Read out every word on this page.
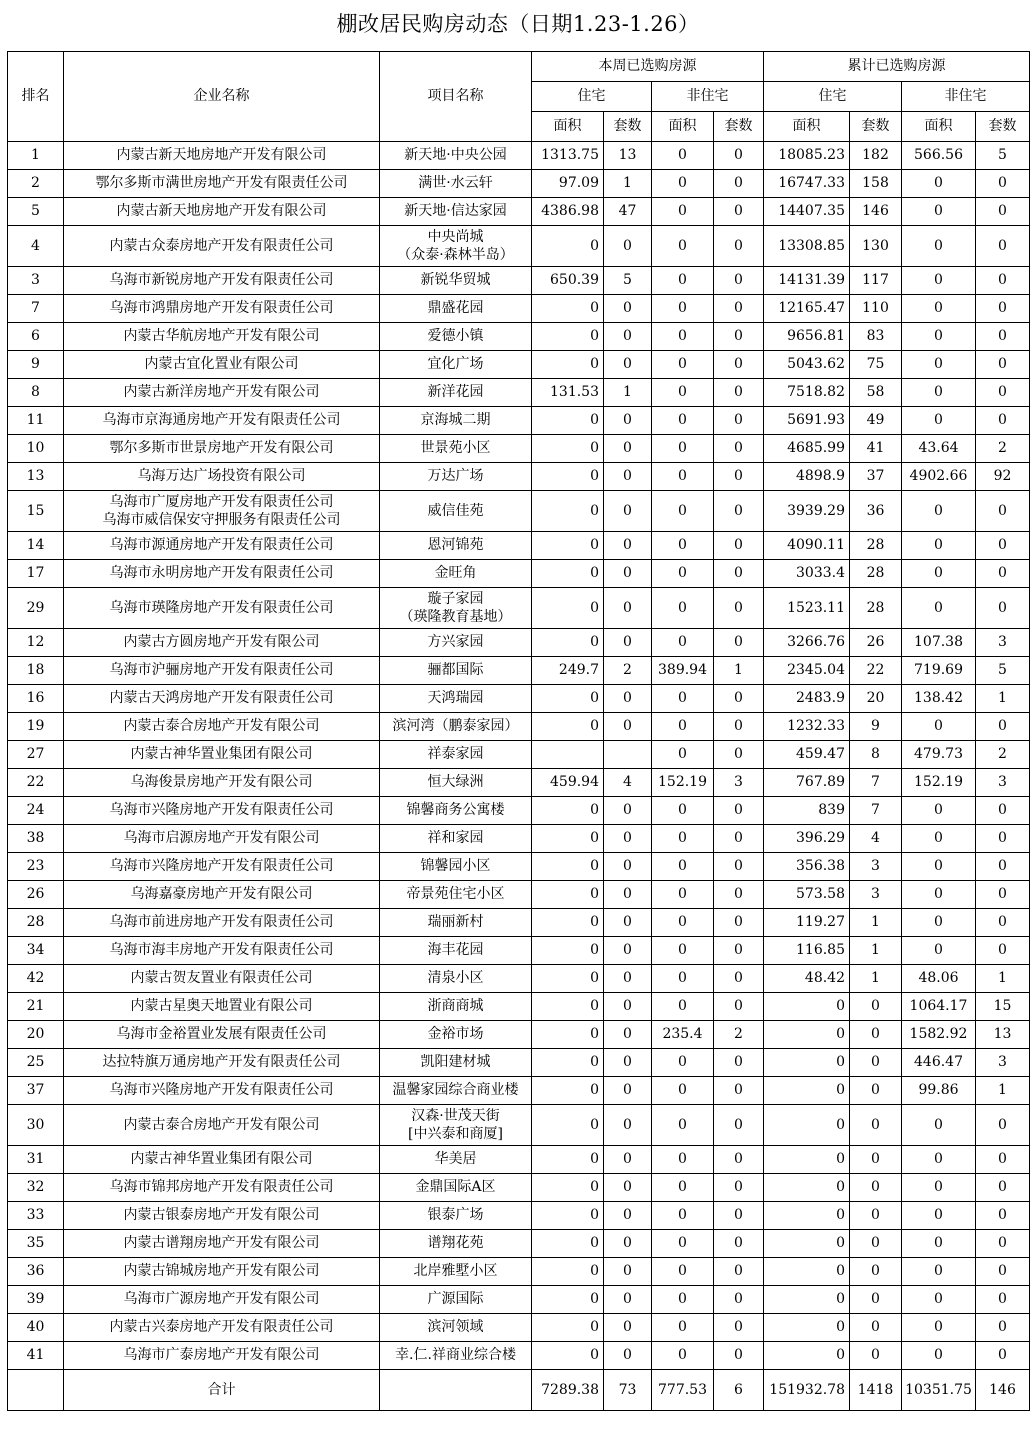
棚改居民购房动态（日期1.23-1.26）
排名	企业名称	项目名称	本周已选购房源				累计已选购房源			
			住宅		非住宅		住宅		非住宅	
			面积	套数	面积	套数	面积	套数	面积	套数
1	内蒙古新天地房地产开发有限公司	新天地·中央公园	1313.75	13	0	0	18085.23	182	566.56	5
2	鄂尔多斯市满世房地产开发有限责任公司	满世·水云轩	97.09	1	0	0	16747.33	158	0	0
5	内蒙古新天地房地产开发有限公司	新天地·信达家园	4386.98	47	0	0	14407.35	146	0	0
4	内蒙古众泰房地产开发有限责任公司	中央尚城
（众泰·森林半岛）	0	0	0	0	13308.85	130	0	0
3	乌海市新锐房地产开发有限责任公司	新锐华贸城	650.39	5	0	0	14131.39	117	0	0
7	乌海市鸿鼎房地产开发有限责任公司	鼎盛花园	0	0	0	0	12165.47	110	0	0
6	内蒙古华航房地产开发有限公司	爱德小镇	0	0	0	0	9656.81	83	0	0
9	内蒙古宜化置业有限公司	宜化广场	0	0	0	0	5043.62	75	0	0
8	内蒙古新洋房地产开发有限公司	新洋花园	131.53	1	0	0	7518.82	58	0	0
11	乌海市京海通房地产开发有限责任公司	京海城二期	0	0	0	0	5691.93	49	0	0
10	鄂尔多斯市世景房地产开发有限公司	世景苑小区	0	0	0	0	4685.99	41	43.64	2
13	乌海万达广场投资有限公司	万达广场	0	0	0	0	4898.9	37	4902.66	92
15	乌海市广厦房地产开发有限责任公司
乌海市威信保安守押服务有限责任公司	威信佳苑	0	0	0	0	3939.29	36	0	0
14	乌海市源通房地产开发有限责任公司	恩河锦苑	0	0	0	0	4090.11	28	0	0
17	乌海市永明房地产开发有限责任公司	金旺角	0	0	0	0	3033.4	28	0	0
29	乌海市瑛隆房地产开发有限责任公司	璇子家园
（瑛隆教育基地）	0	0	0	0	1523.11	28	0	0
12	内蒙古方圆房地产开发有限公司	方兴家园	0	0	0	0	3266.76	26	107.38	3
18	乌海市沪骊房地产开发有限责任公司	骊都国际	249.7	2	389.94	1	2345.04	22	719.69	5
16	内蒙古天鸿房地产开发有限责任公司	天鸿瑞园	0	0	0	0	2483.9	20	138.42	1
19	内蒙古泰合房地产开发有限公司	滨河湾（鹏泰家园）	0	0	0	0	1232.33	9	0	0
27	内蒙古神华置业集团有限公司	祥泰家园			0	0	459.47	8	479.73	2
22	乌海俊景房地产开发有限公司	恒大绿洲	459.94	4	152.19	3	767.89	7	152.19	3
24	乌海市兴隆房地产开发有限责任公司	锦馨商务公寓楼	0	0	0	0	839	7	0	0
38	乌海市启源房地产开发有限公司	祥和家园	0	0	0	0	396.29	4	0	0
23	乌海市兴隆房地产开发有限责任公司	锦馨园小区	0	0	0	0	356.38	3	0	0
26	乌海嘉豪房地产开发有限公司	帝景苑住宅小区	0	0	0	0	573.58	3	0	0
28	乌海市前进房地产开发有限责任公司	瑞丽新村	0	0	0	0	119.27	1	0	0
34	乌海市海丰房地产开发有限责任公司	海丰花园	0	0	0	0	116.85	1	0	0
42	内蒙古贺友置业有限责任公司	清泉小区	0	0	0	0	48.42	1	48.06	1
21	内蒙古星奥天地置业有限公司	浙商商城	0	0	0	0	0	0	1064.17	15
20	乌海市金裕置业发展有限责任公司	金裕市场	0	0	235.4	2	0	0	1582.92	13
25	达拉特旗万通房地产开发有限责任公司	凯阳建材城	0	0	0	0	0	0	446.47	3
37	乌海市兴隆房地产开发有限责任公司	温馨家园综合商业楼	0	0	0	0	0	0	99.86	1
30	内蒙古泰合房地产开发有限公司	汉森·世茂天街
[中兴泰和商厦]	0	0	0	0	0	0	0	0
31	内蒙古神华置业集团有限公司	华美居	0	0	0	0	0	0	0	0
32	乌海市锦邦房地产开发有限责任公司	金鼎国际A区	0	0	0	0	0	0	0	0
33	内蒙古银泰房地产开发有限公司	银泰广场	0	0	0	0	0	0	0	0
35	内蒙古谱翔房地产开发有限公司	谱翔花苑	0	0	0	0	0	0	0	0
36	内蒙古锦城房地产开发有限公司	北岸雅墅小区	0	0	0	0	0	0	0	0
39	乌海市广源房地产开发有限公司	广源国际	0	0	0	0	0	0	0	0
40	内蒙古兴泰房地产开发有限责任公司	滨河领域	0	0	0	0	0	0	0	0
41	乌海市广泰房地产开发有限公司	幸.仁.祥商业综合楼	0	0	0	0	0	0	0	0
	合计		7289.38	73	777.53	6	151932.78	1418	10351.75	146
